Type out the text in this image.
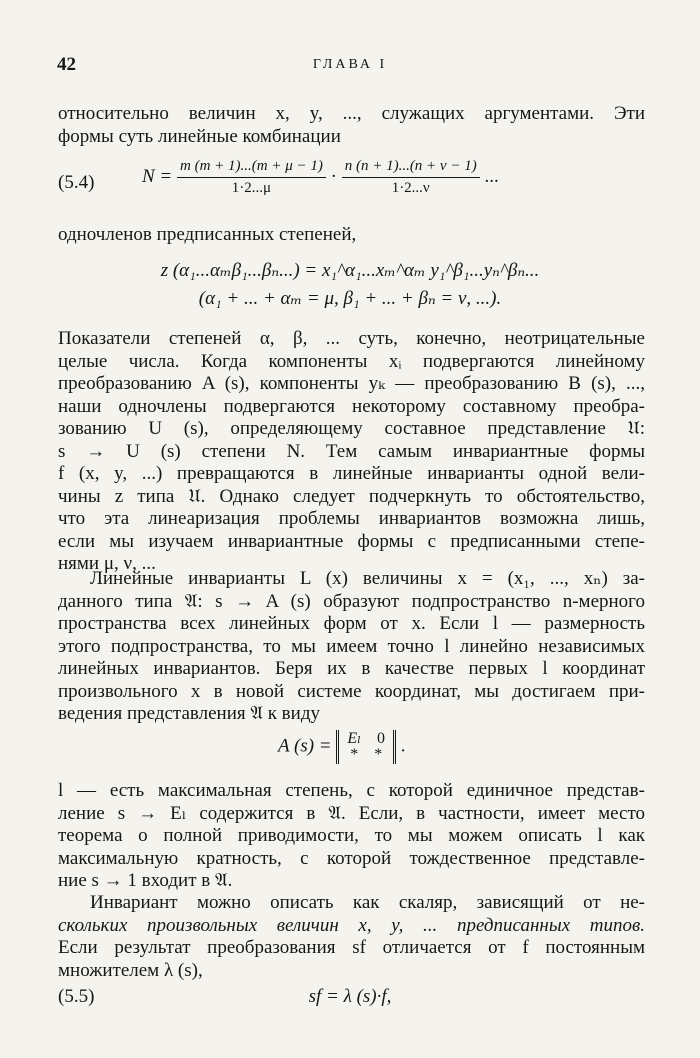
42	ГЛАВА I
относительно величин x, y, ..., служащих аргументами. Эти
формы суть линейные комбинации
(5.4)	$N = \frac{m (m + 1)...(m + \mu - 1)}{1\cdot 2...\mu} \cdot \frac{n (n + 1)...(n + \nu - 1)}{1\cdot 2...\nu}$ ...
одночленов предписанных степеней,
z (α₁...αₘβ₁...βₙ...) = x₁^α₁...xₘ^αₘ y₁^β₁...yₙ^βₙ...
(α₁ + ... + αₘ = μ, β₁ + ... + βₙ = ν, ...).
Показатели степеней α, β, ... суть, конечно, неотрицательные
целые числа. Когда компоненты xᵢ подвергаются линейному
преобразованию A (s), компоненты yₖ — преобразованию B (s), ...,
наши одночлены подвергаются некоторому составному преобра-
зованию U (s), определяющему составное представление 𝔘:
s → U (s) степени N. Тем самым инвариантные формы
f (x, y, ...) превращаются в линейные инварианты одной вели-
чины z типа 𝔘. Однако следует подчеркнуть то обстоятельство,
что эта линеаризация проблемы инвариантов возможна лишь,
если мы изучаем инвариантные формы с предписанными степе-
нями μ, ν, ...
Линейные инварианты L (x) величины x = (x₁, ..., xₙ) за-
данного типа 𝔄: s → A (s) образуют подпространство n-мерного
пространства всех линейных форм от x. Если l — размерность
этого подпространства, то мы имеем точно l линейно независимых
линейных инвариантов. Беря их в качестве первых l координат
произвольного x в новой системе координат, мы достигаем при-
ведения представления 𝔄 к виду
A (s) = Eₗ  0
*  * .
l — есть максимальная степень, с которой единичное представ-
ление s → Eₗ содержится в 𝔄. Если, в частности, имеет место
теорема о полной приводимости, то мы можем описать l как
максимальную кратность, с которой тождественное представле-
ние s → 1 входит в 𝔄.
Инвариант можно описать как скаляр, зависящий от не-
скольких произвольных величин x, y, ... предписанных типов.
Если результат преобразования sf отличается от f постоянным
множителем λ (s),
(5.5)	sf = λ (s)·f,
